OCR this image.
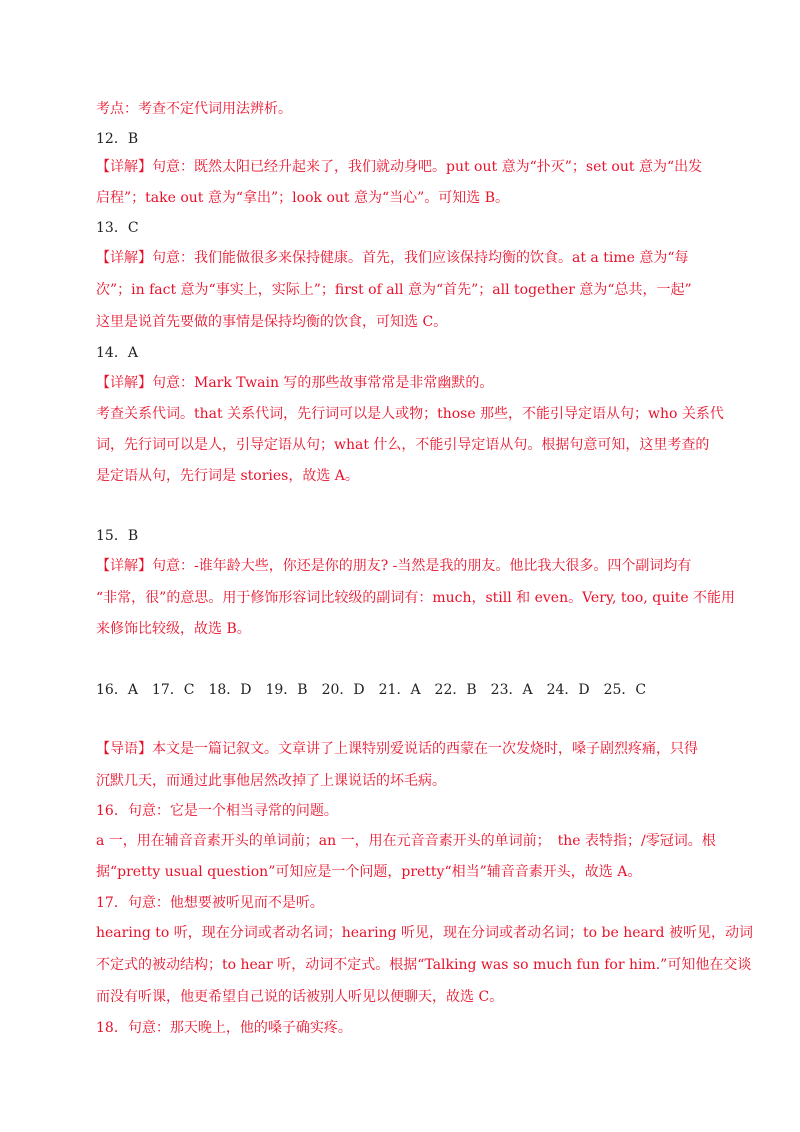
考点：考查不定代词用法辨析。
12．B
【详解】句意：既然太阳已经升起来了，我们就动身吧。put out 意为“扑灭”；set out 意为“出发
启程”；take out 意为“拿出”；look out 意为“当心”。可知选 B。
13．C
【详解】句意：我们能做很多来保持健康。首先，我们应该保持均衡的饮食。at a time 意为“每
次”；in fact 意为“事实上，实际上”；first of all 意为“首先”；all together 意为“总共，一起”
这里是说首先要做的事情是保持均衡的饮食，可知选 C。
14．A
【详解】句意：Mark Twain 写的那些故事常常是非常幽默的。
考查关系代词。that 关系代词，先行词可以是人或物；those 那些，不能引导定语从句；who 关系代
词，先行词可以是人，引导定语从句；what 什么，不能引导定语从句。根据句意可知，这里考查的
是定语从句，先行词是 stories，故选 A。
15．B
【详解】句意：-谁年龄大些，你还是你的朋友? -当然是我的朋友。他比我大很多。四个副词均有
“非常，很”的意思。用于修饰形容词比较级的副词有：much，still 和 even。Very, too, quite 不能用
来修饰比较级，故选 B。
16．A　17．C　18．D　19．B　20．D　21．A　22．B　23．A　24．D　25．C
【导语】本文是一篇记叙文。文章讲了上课特别爱说话的西蒙在一次发烧时，嗓子剧烈疼痛，只得
沉默几天，而通过此事他居然改掉了上课说话的坏毛病。
16．句意：它是一个相当寻常的问题。
a 一，用在辅音音素开头的单词前；an 一，用在元音音素开头的单词前；　the 表特指；/零冠词。根
据“pretty usual question”可知应是一个问题，pretty“相当”辅音音素开头，故选 A。
17．句意：他想要被听见而不是听。
hearing to 听，现在分词或者动名词；hearing 听见，现在分词或者动名词；to be heard 被听见，动词
不定式的被动结构；to hear 听，动词不定式。根据“Talking was so much fun for him.”可知他在交谈
而没有听课，他更希望自己说的话被别人听见以便聊天，故选 C。
18．句意：那天晚上，他的嗓子确实疼。
